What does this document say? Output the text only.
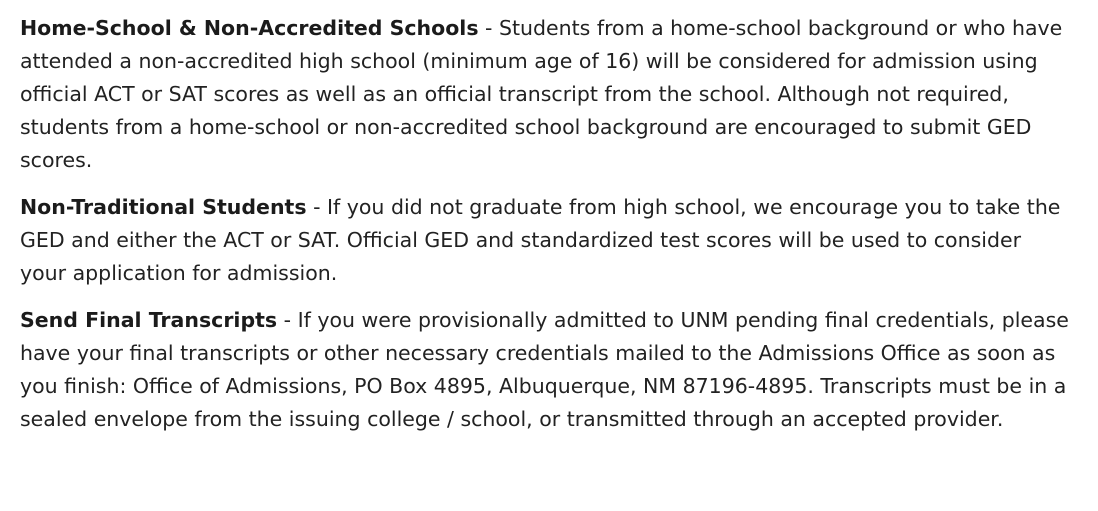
Home-School & Non-Accredited Schools - Students from a home-school background or who have attended a non-accredited high school (minimum age of 16) will be considered for admission using official ACT or SAT scores as well as an official transcript from the school. Although not required, students from a home-school or non-accredited school background are encouraged to submit GED scores.

Non-Traditional Students - If you did not graduate from high school, we encourage you to take the GED and either the ACT or SAT. Official GED and standardized test scores will be used to consider your application for admission.

Send Final Transcripts - If you were provisionally admitted to UNM pending final credentials, please have your final transcripts or other necessary credentials mailed to the Admissions Office as soon as you finish: Office of Admissions, PO Box 4895, Albuquerque, NM 87196-4895. Transcripts must be in a sealed envelope from the issuing college / school, or transmitted through an accepted provider.
